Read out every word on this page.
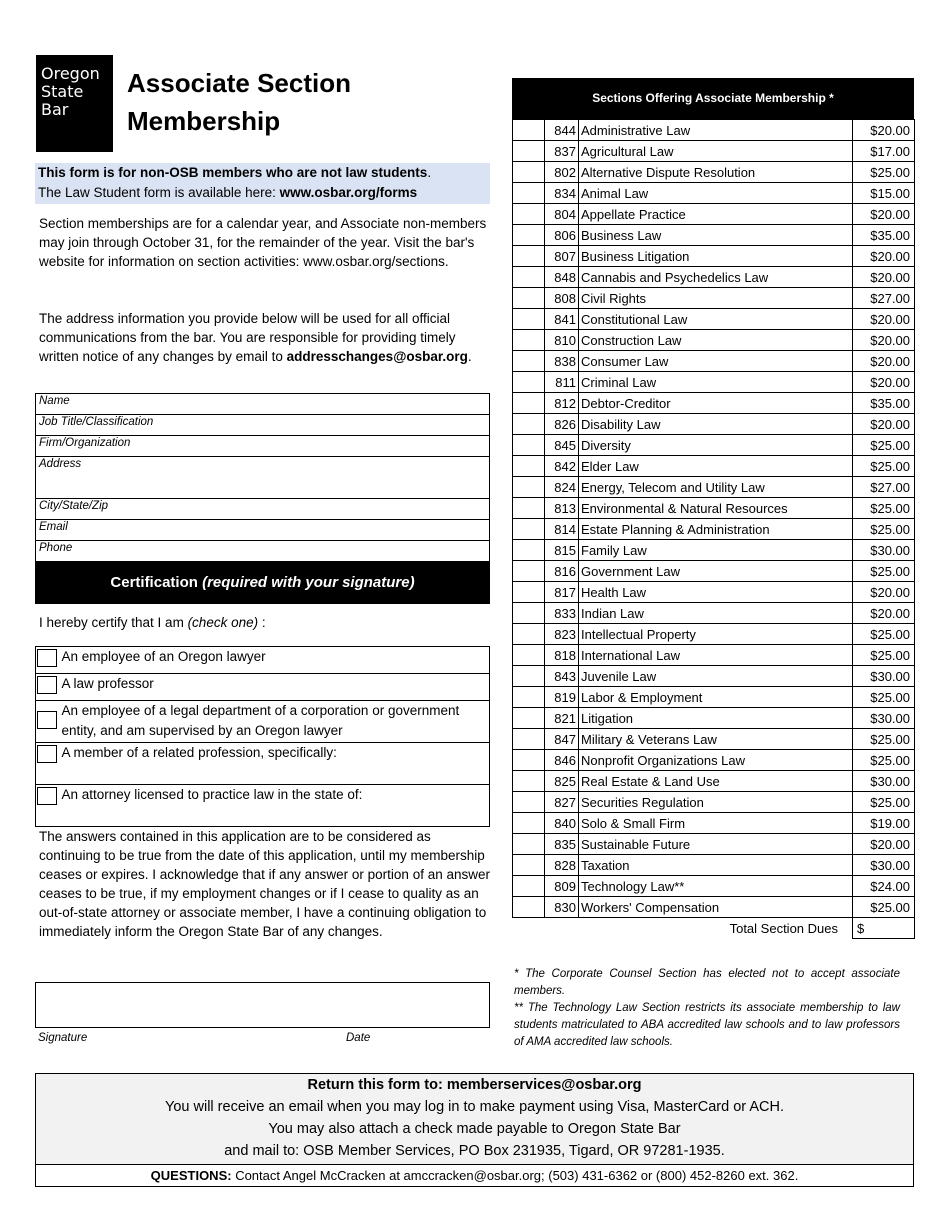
Oregon
State
Bar
Associate Section
Membership
This form is for non-OSB members who are not law students.
The Law Student form is available here: www.osbar.org/forms
Section memberships are for a calendar year, and Associate non-members may join through October 31, for the remainder of the year. Visit the bar's website for information on section activities: www.osbar.org/sections.
The address information you provide below will be used for all official communications from the bar. You are responsible for providing timely written notice of any changes by email to addresschanges@osbar.org.
Name
Job Title/Classification
Firm/Organization
Address
City/State/Zip
Email
Phone
Certification (required with your signature)
I hereby certify that I am (check one) :
	An employee of an Oregon lawyer
	A law professor
	An employee of a legal department of a corporation or government entity, and am supervised by an Oregon lawyer
	A member of a related profession, specifically:
	An attorney licensed to practice law in the state of:
The answers contained in this application are to be considered as continuing to be true from the date of this application, until my membership ceases or expires. I acknowledge that if any answer or portion of an answer ceases to be true, if my employment changes or if I cease to quality as an out-of-state attorney or associate member, I have a continuing obligation to immediately inform the Oregon State Bar of any changes.
Signature	Date
Sections Offering Associate Membership *
	844	Administrative Law	$20.00
	837	Agricultural Law	$17.00
	802	Alternative Dispute Resolution	$25.00
	834	Animal Law	$15.00
	804	Appellate Practice	$20.00
	806	Business Law	$35.00
	807	Business Litigation	$20.00
	848	Cannabis and Psychedelics Law	$20.00
	808	Civil Rights	$27.00
	841	Constitutional Law	$20.00
	810	Construction Law	$20.00
	838	Consumer Law	$20.00
	811	Criminal Law	$20.00
	812	Debtor-Creditor	$35.00
	826	Disability Law	$20.00
	845	Diversity	$25.00
	842	Elder Law	$25.00
	824	Energy, Telecom and Utility Law	$27.00
	813	Environmental & Natural Resources	$25.00
	814	Estate Planning & Administration	$25.00
	815	Family Law	$30.00
	816	Government Law	$25.00
	817	Health Law	$20.00
	833	Indian Law	$20.00
	823	Intellectual Property	$25.00
	818	International Law	$25.00
	843	Juvenile Law	$30.00
	819	Labor & Employment	$25.00
	821	Litigation	$30.00
	847	Military & Veterans Law	$25.00
	846	Nonprofit Organizations Law	$25.00
	825	Real Estate & Land Use	$30.00
	827	Securities Regulation	$25.00
	840	Solo & Small Firm	$19.00
	835	Sustainable Future	$20.00
	828	Taxation	$30.00
	809	Technology Law**	$24.00
	830	Workers' Compensation	$25.00
Total Section Dues			$

* The Corporate Counsel Section has elected not to accept associate members.

** The Technology Law Section restricts its associate membership to law students matriculated to ABA accredited law schools and to law professors of AMA accredited law schools.

Return this form to: memberservices@osbar.org
You will receive an email when you may log in to make payment using Visa, MasterCard or ACH.
You may also attach a check made payable to Oregon State Bar
and mail to: OSB Member Services, PO Box 231935, Tigard, OR 97281-1935.
QUESTIONS: Contact Angel McCracken at amccracken@osbar.org; (503) 431-6362 or (800) 452-8260 ext. 362.
